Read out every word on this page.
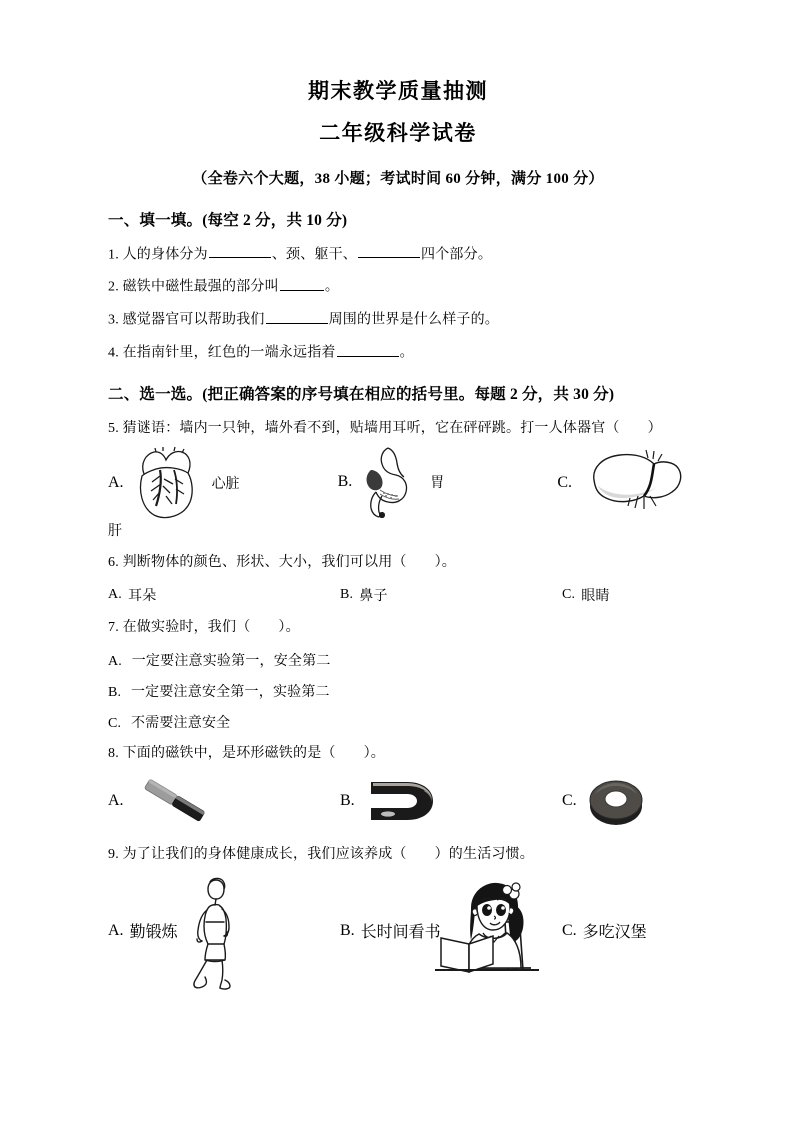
期末教学质量抽测
二年级科学试卷
（全卷六个大题，38 小题；考试时间 60 分钟，满分 100 分）
一、填一填。(每空 2 分，共 10 分)
1. 人的身体分为	、颈、躯干、	四个部分。
2. 磁铁中磁性最强的部分叫	。
3. 感觉器官可以帮助我们	周围的世界是什么样子的。
4. 在指南针里，红色的一端永远指着	。
二、选一选。(把正确答案的序号填在相应的括号里。每题 2 分，共 30 分)
5. 猜谜语：墙内一只钟，墙外看不到，贴墙用耳听，它在砰砰跳。打一人体器官（ ）
A.	心脏	B.	胃	C.
肝
6. 判断物体的颜色、形状、大小，我们可以用（ ）。
A. 耳朵	B. 鼻子	C. 眼睛
7. 在做实验时，我们（ ）。
A. 一定要注意实验第一，安全第二
B. 一定要注意安全第一，实验第二
C. 不需要注意安全
8. 下面的磁铁中，是环形磁铁的是（ ）。
A.	B.	C.
9. 为了让我们的身体健康成长，我们应该养成（ ）的生活习惯。
A. 勤锻炼	B. 长时间看书	C. 多吃汉堡
